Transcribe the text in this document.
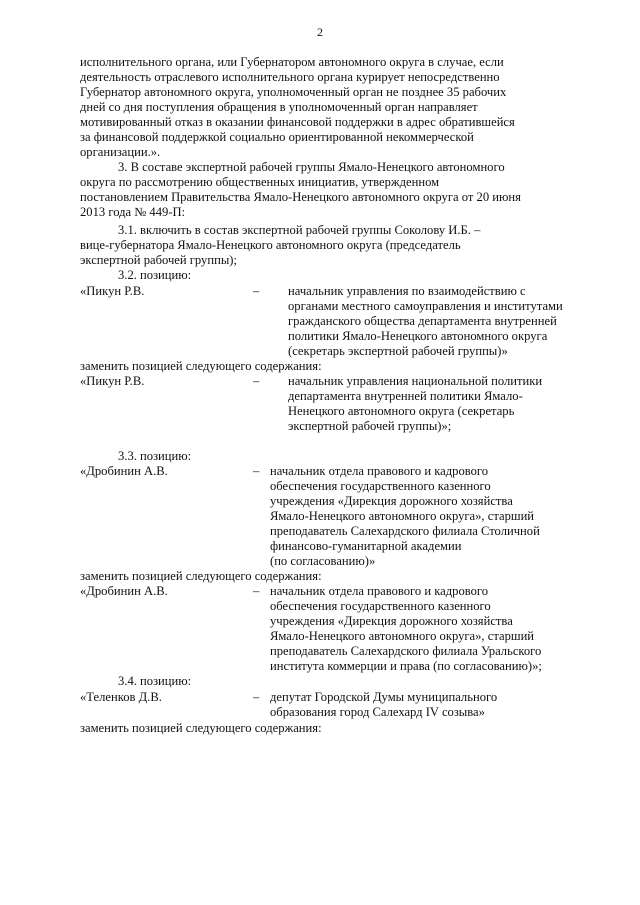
2
исполнительного органа, или Губернатором автономного округа в случае, если
деятельность отраслевого исполнительного органа курирует непосредственно
Губернатор автономного округа, уполномоченный орган не позднее 35 рабочих
дней со дня поступления обращения в уполномоченный орган направляет
мотивированный отказ в оказании финансовой поддержки в адрес обратившейся
за финансовой поддержкой социально ориентированной некоммерческой
организации.».
3. В составе экспертной рабочей группы Ямало-Ненецкого автономного
округа по рассмотрению общественных инициатив, утвержденном
постановлением Правительства Ямало-Ненецкого автономного округа от 20 июня
2013 года № 449-П:
3.1. включить в состав экспертной рабочей группы Соколову И.Б. –
вице-губернатора Ямало-Ненецкого автономного округа (председатель
экспертной рабочей группы);
3.2. позицию:
«Пикун Р.В.	– начальник управления по взаимодействию с
органами местного самоуправления и институтами
гражданского общества департамента внутренней
политики Ямало-Ненецкого автономного округа
(секретарь экспертной рабочей группы)»
заменить позицией следующего содержания:
«Пикун Р.В.	– начальник управления национальной политики
департамента внутренней политики Ямало-
Ненецкого автономного округа (секретарь
экспертной рабочей группы)»;
3.3. позицию:
«Дробинин А.В.	– начальник отдела правового и кадрового
обеспечения государственного казенного
учреждения «Дирекция дорожного хозяйства
Ямало-Ненецкого автономного округа», старший
преподаватель Салехардского филиала Столичной
финансово-гуманитарной академии
(по согласованию)»
заменить позицией следующего содержания:
«Дробинин А.В.	– начальник отдела правового и кадрового
обеспечения государственного казенного
учреждения «Дирекция дорожного хозяйства
Ямало-Ненецкого автономного округа», старший
преподаватель Салехардского филиала Уральского
института коммерции и права (по согласованию)»;
3.4. позицию:
«Теленков Д.В.	– депутат Городской Думы муниципального
образования город Салехард IV созыва»
заменить позицией следующего содержания:
